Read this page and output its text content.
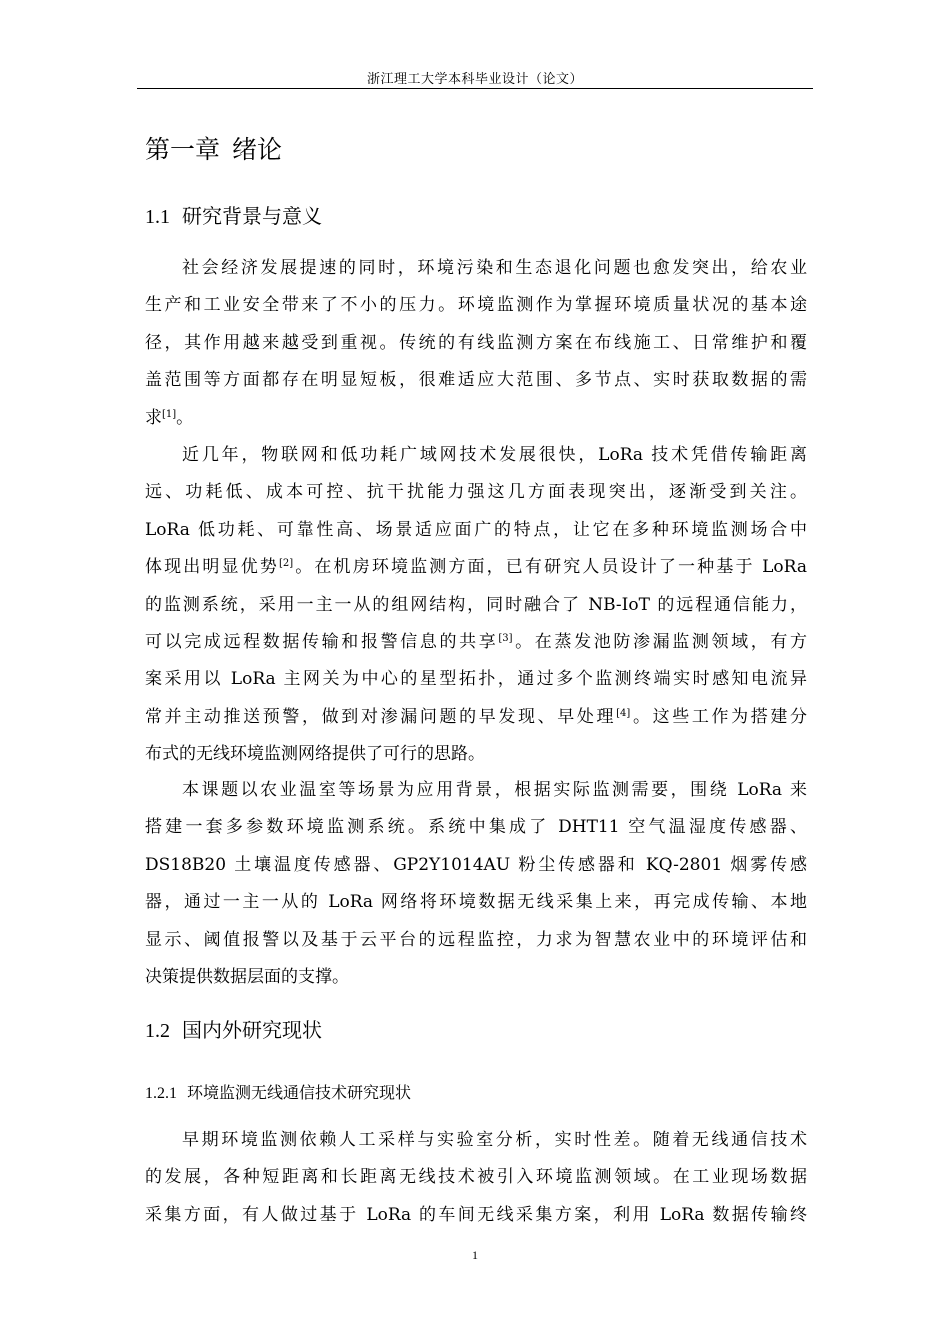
浙江理工大学本科毕业设计（论文）
第一章 绪论
1.1 研究背景与意义
社会经济发展提速的同时，环境污染和生态退化问题也愈发突出，给农业
生产和工业安全带来了不小的压力。环境监测作为掌握环境质量状况的基本途
径，其作用越来越受到重视。传统的有线监测方案在布线施工、日常维护和覆
盖范围等方面都存在明显短板，很难适应大范围、多节点、实时获取数据的需
求[1]。
近几年，物联网和低功耗广域网技术发展很快，LoRa 技术凭借传输距离
远、功耗低、成本可控、抗干扰能力强这几方面表现突出，逐渐受到关注。
LoRa 低功耗、可靠性高、场景适应面广的特点，让它在多种环境监测场合中
体现出明显优势[2]。在机房环境监测方面，已有研究人员设计了一种基于 LoRa
的监测系统，采用一主一从的组网结构，同时融合了 NB-IoT 的远程通信能力，
可以完成远程数据传输和报警信息的共享[3]。在蒸发池防渗漏监测领域，有方
案采用以 LoRa 主网关为中心的星型拓扑，通过多个监测终端实时感知电流异
常并主动推送预警，做到对渗漏问题的早发现、早处理[4]。这些工作为搭建分
布式的无线环境监测网络提供了可行的思路。
本课题以农业温室等场景为应用背景，根据实际监测需要，围绕 LoRa 来
搭建一套多参数环境监测系统。系统中集成了 DHT11 空气温湿度传感器、
DS18B20 土壤温度传感器、GP2Y1014AU 粉尘传感器和 KQ-2801 烟雾传感
器，通过一主一从的 LoRa 网络将环境数据无线采集上来，再完成传输、本地
显示、阈值报警以及基于云平台的远程监控，力求为智慧农业中的环境评估和
决策提供数据层面的支撑。
1.2 国内外研究现状
1.2.1 环境监测无线通信技术研究现状
早期环境监测依赖人工采样与实验室分析，实时性差。随着无线通信技术
的发展，各种短距离和长距离无线技术被引入环境监测领域。在工业现场数据
采集方面，有人做过基于 LoRa 的车间无线采集方案，利用 LoRa 数据传输终
1
